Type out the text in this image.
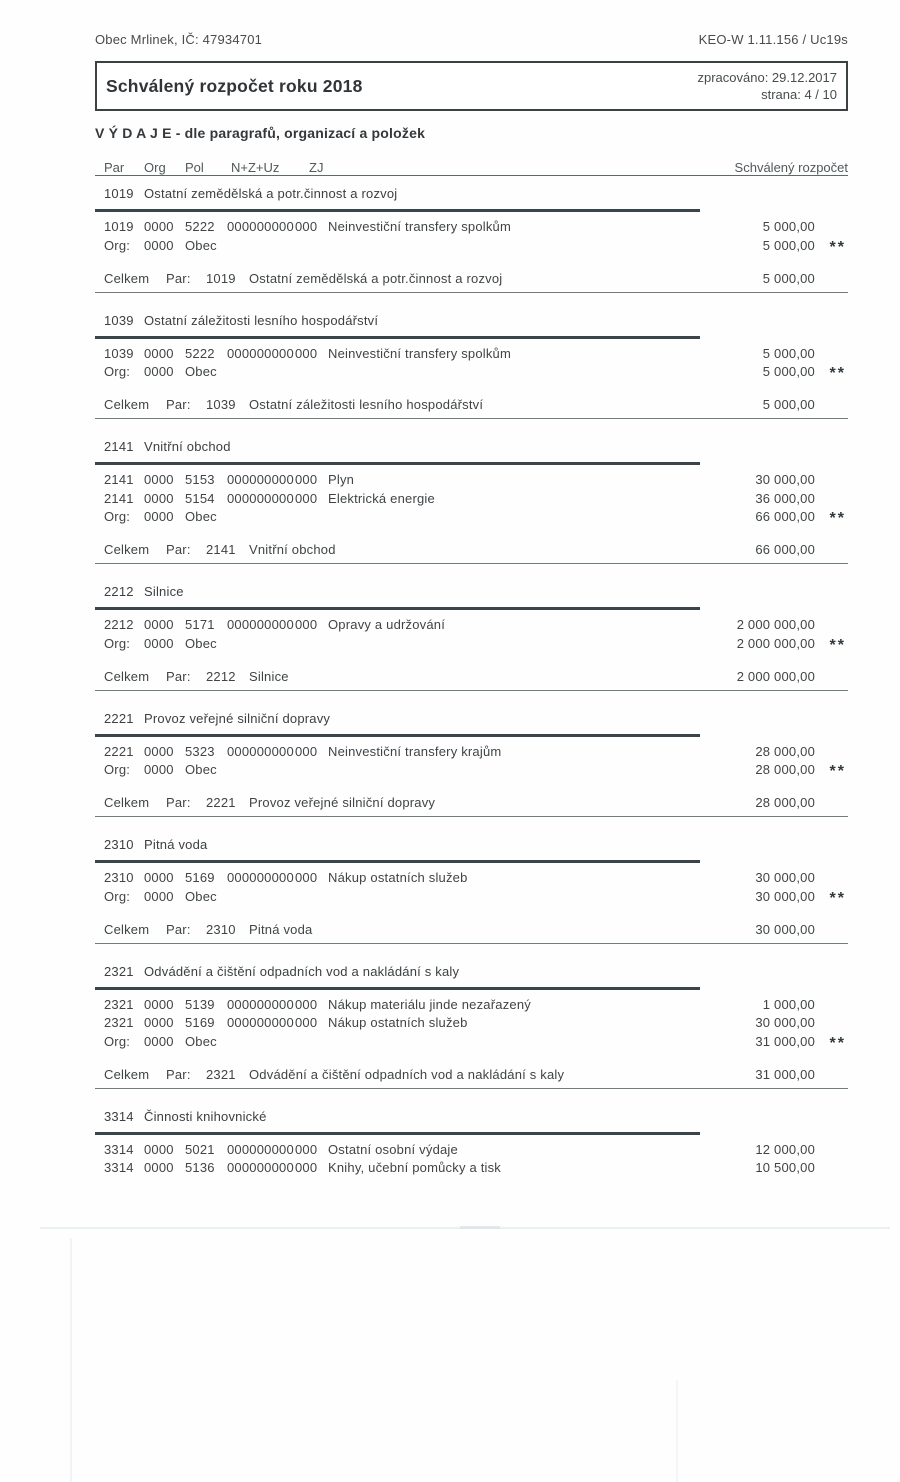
Obec Mrlinek, IČ: 47934701	KEO-W 1.11.156 / Uc19s
Schválený rozpočet roku 2018	zpracováno: 29.12.2017
strana: 4 / 10
V Ý D A J E - dle paragrafů, organizací a položek
Par	Org	Pol	N+Z+Uz	ZJ	Schválený rozpočet
1019 Ostatní zemědělská a potr.činnost a rozvoj
1019 0000 5222 000000000 000 Neinvestiční transfery spolkům	5 000,00
Org:	0000 Obec	5 000,00 **
Celkem	Par:	1019	Ostatní zemědělská a potr.činnost a rozvoj	5 000,00
1039 Ostatní záležitosti lesního hospodářství
1039 0000 5222 000000000 000 Neinvestiční transfery spolkům	5 000,00
Org:	0000 Obec	5 000,00 **
Celkem	Par:	1039	Ostatní záležitosti lesního hospodářství	5 000,00
2141 Vnitřní obchod
2141 0000 5153 000000000 000 Plyn	30 000,00
2141 0000 5154 000000000 000 Elektrická energie	36 000,00
Org:	0000 Obec	66 000,00 **
Celkem	Par:	2141	Vnitřní obchod	66 000,00
2212 Silnice
2212 0000 5171 000000000 000 Opravy a udržování	2 000 000,00
Org:	0000 Obec	2 000 000,00 **
Celkem	Par:	2212	Silnice	2 000 000,00
2221 Provoz veřejné silniční dopravy
2221 0000 5323 000000000 000 Neinvestiční transfery krajům	28 000,00
Org:	0000 Obec	28 000,00 **
Celkem	Par:	2221	Provoz veřejné silniční dopravy	28 000,00
2310 Pitná voda
2310 0000 5169 000000000 000 Nákup ostatních služeb	30 000,00
Org:	0000 Obec	30 000,00 **
Celkem	Par:	2310	Pitná voda	30 000,00
2321 Odvádění a čištění odpadních vod a nakládání s kaly
2321 0000 5139 000000000 000 Nákup materiálu jinde nezařazený	1 000,00
2321 0000 5169 000000000 000 Nákup ostatních služeb	30 000,00
Org:	0000 Obec	31 000,00 **
Celkem	Par:	2321	Odvádění a čištění odpadních vod a nakládání s kaly	31 000,00
3314 Činnosti knihovnické
3314 0000 5021 000000000 000 Ostatní osobní výdaje	12 000,00
3314 0000 5136 000000000 000 Knihy, učební pomůcky a tisk	10 500,00
